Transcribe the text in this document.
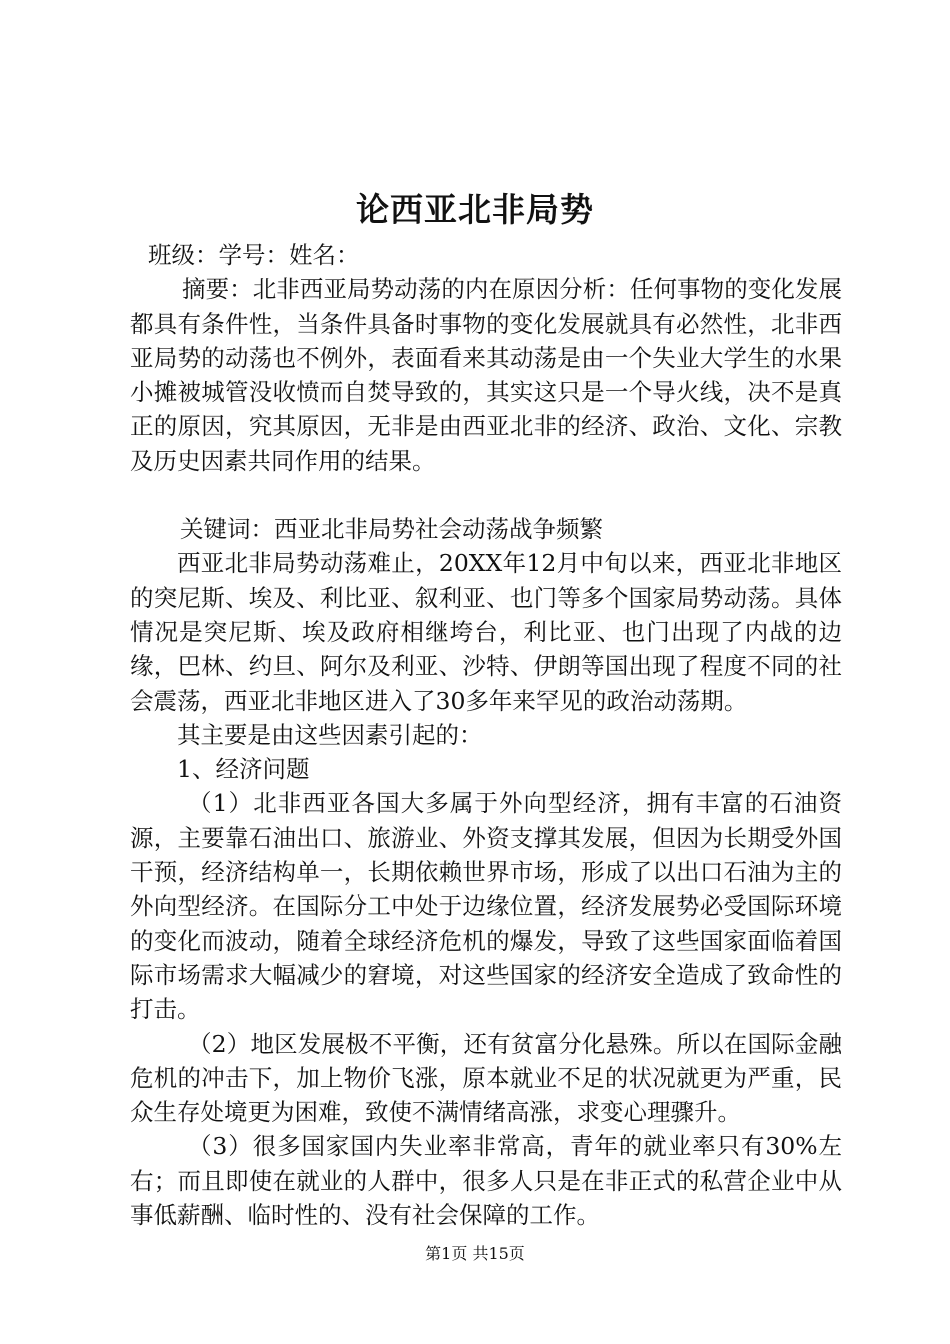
论西亚北非局势

班级：学号：姓名：

摘要：北非西亚局势动荡的内在原因分析：任何事物的变化发展都具有条件性，当条件具备时事物的变化发展就具有必然性，北非西亚局势的动荡也不例外，表面看来其动荡是由一个失业大学生的水果小摊被城管没收愤而自焚导致的，其实这只是一个导火线，决不是真正的原因，究其原因，无非是由西亚北非的经济、政治、文化、宗教及历史因素共同作用的结果。

关键词：西亚北非局势社会动荡战争频繁

西亚北非局势动荡难止，20XX年12月中旬以来，西亚北非地区的突尼斯、埃及、利比亚、叙利亚、也门等多个国家局势动荡。具体情况是突尼斯、埃及政府相继垮台，利比亚、也门出现了内战的边缘，巴林、约旦、阿尔及利亚、沙特、伊朗等国出现了程度不同的社会震荡，西亚北非地区进入了30多年来罕见的政治动荡期。

其主要是由这些因素引起的：

1、经济问题

（1）北非西亚各国大多属于外向型经济，拥有丰富的石油资源，主要靠石油出口、旅游业、外资支撑其发展，但因为长期受外国干预，经济结构单一，长期依赖世界市场，形成了以出口石油为主的外向型经济。在国际分工中处于边缘位置，经济发展势必受国际环境的变化而波动，随着全球经济危机的爆发，导致了这些国家面临着国际市场需求大幅减少的窘境，对这些国家的经济安全造成了致命性的打击。

（2）地区发展极不平衡，还有贫富分化悬殊。所以在国际金融危机的冲击下，加上物价飞涨，原本就业不足的状况就更为严重，民众生存处境更为困难，致使不满情绪高涨，求变心理骤升。

（3）很多国家国内失业率非常高，青年的就业率只有30%左右；而且即使在就业的人群中，很多人只是在非正式的私营企业中从事低薪酬、临时性的、没有社会保障的工作。

第1页 共15页
